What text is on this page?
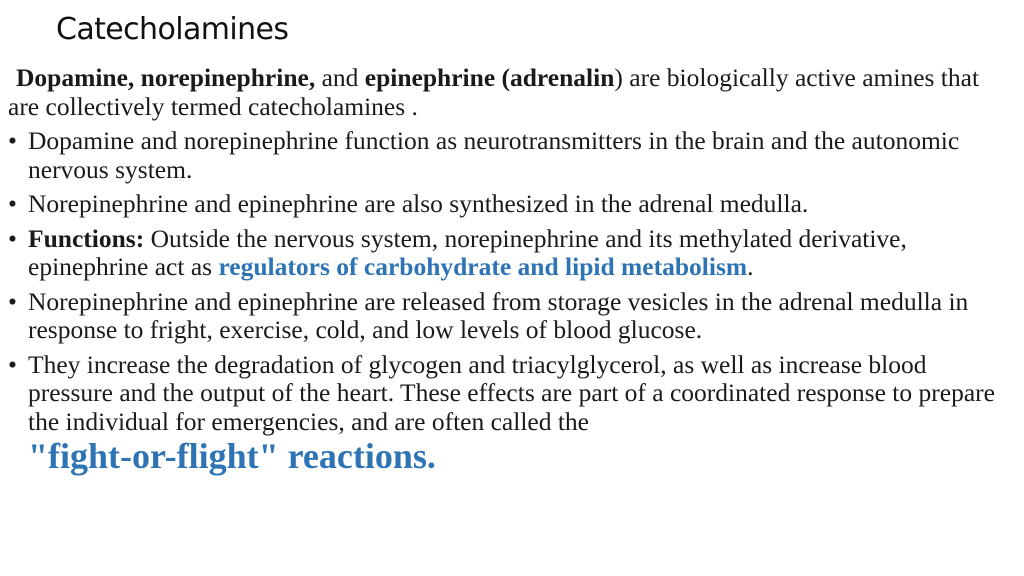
Catecholamines

Dopamine, norepinephrine, and epinephrine (adrenalin) are biologically active amines that are collectively termed catecholamines .

• Dopamine and norepinephrine function as neurotransmitters in the brain and the autonomic nervous system.
• Norepinephrine and epinephrine are also synthesized in the adrenal medulla.
• Functions: Outside the nervous system, norepinephrine and its methylated derivative, epinephrine act as regulators of carbohydrate and lipid metabolism.
• Norepinephrine and epinephrine are released from storage vesicles in the adrenal medulla in response to fright, exercise, cold, and low levels of blood glucose.
• They increase the degradation of glycogen and triacylglycerol, as well as increase blood pressure and the output of the heart. These effects are part of a coordinated response to prepare the individual for emergencies, and are often called the
"fight-or-flight" reactions.
